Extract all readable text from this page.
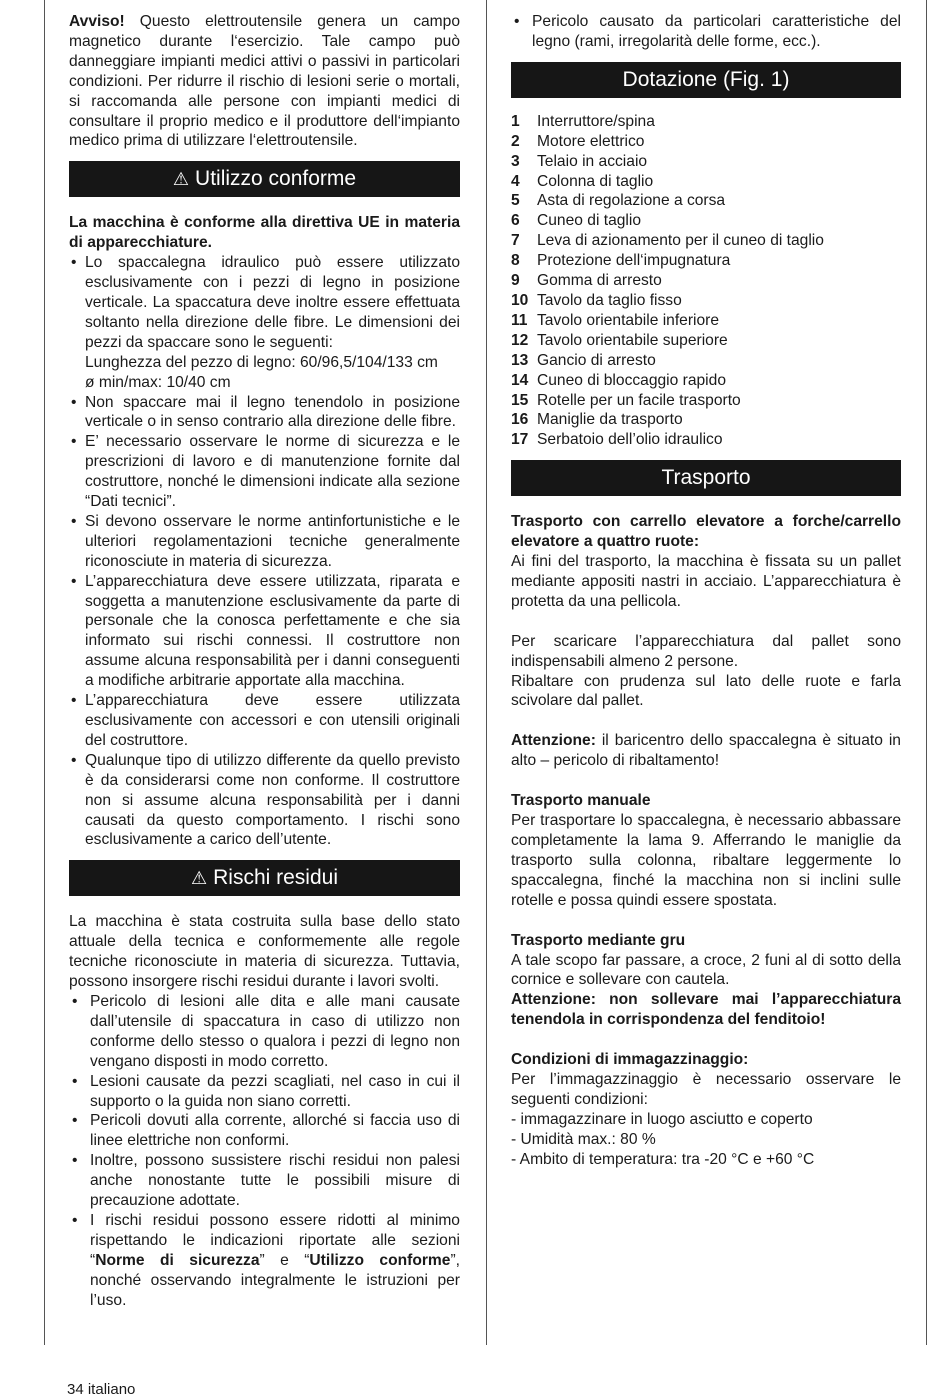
Avviso! Questo elettroutensile genera un campo magnetico durante l‘esercizio. Tale campo può danneggiare impianti medici attivi o passivi in particolari condizioni. Per ridurre il rischio di lesioni serie o mortali, si raccomanda alle persone con impianti medici di consultare il proprio medico e il produttore dell‘impianto medico prima di utilizzare l‘elettroutensile.

⚠ Utilizzo conforme

La macchina è conforme alla direttiva UE in materia di apparecchiature.

• Lo spaccalegna idraulico può essere utilizzato esclusivamente con i pezzi di legno in posizione verticale. La spaccatura deve inoltre essere effettuata soltanto nella direzione delle fibre. Le dimensioni dei pezzi da spaccare sono le seguenti:
Lunghezza del pezzo di legno: 60/96,5/104/133 cm
ø min/max: 10/40 cm
• Non spaccare mai il legno tenendolo in posizione verticale o in senso contrario alla direzione delle fibre.
• E’ necessario osservare le norme di sicurezza e le prescrizioni di lavoro e di manutenzione fornite dal costruttore, nonché le dimensioni indicate alla sezione “Dati tecnici”.
• Si devono osservare le norme antinfortunistiche e le ulteriori regolamentazioni tecniche generalmente riconosciute in materia di sicurezza.
• L’apparecchiatura deve essere utilizzata, riparata e soggetta a manutenzione esclusivamente da parte di personale che la conosca perfettamente e che sia informato sui rischi connessi. Il costruttore non assume alcuna responsabilità per i danni conseguenti a modifiche arbitrarie apportate alla macchina.
• L’apparecchiatura deve essere utilizzata esclusivamente con accessori e con utensili originali del costruttore.
• Qualunque tipo di utilizzo differente da quello previsto è da considerarsi come non conforme. Il costruttore non si assume alcuna responsabilità per i danni causati da questo comportamento. I rischi sono esclusivamente a carico dell’utente.
⚠ Rischi residui

La macchina è stata costruita sulla base dello stato attuale della tecnica e conformemente alle regole tecniche riconosciute in materia di sicurezza. Tuttavia, possono insorgere rischi residui durante i lavori svolti.

• Pericolo di lesioni alle dita e alle mani causate dall’utensile di spaccatura in caso di utilizzo non conforme dello stesso o qualora i pezzi di legno non vengano disposti in modo corretto.
• Lesioni causate da pezzi scagliati, nel caso in cui il supporto o la guida non siano corretti.
• Pericoli dovuti alla corrente, allorché si faccia uso di linee elettriche non conformi.
• Inoltre, possono sussistere rischi residui non palesi anche nonostante tutte le possibili misure di precauzione adottate.
• I rischi residui possono essere ridotti al minimo rispettando le indicazioni riportate alle sezioni “Norme di sicurezza” e “Utilizzo conforme”, nonché osservando integralmente le istruzioni per l’uso.
• Pericolo causato da particolari caratteristiche del legno (rami, irregolarità delle forme, ecc.).
Dotazione (Fig. 1)
1	Interruttore/spina
2	Motore elettrico
3	Telaio in acciaio
4	Colonna di taglio
5	Asta di regolazione a corsa
6	Cuneo di taglio
7	Leva di azionamento per il cuneo di taglio
8	Protezione dell‘impugnatura
9	Gomma di arresto
10 Tavolo da taglio fisso
11 Tavolo orientabile inferiore
12 Tavolo orientabile superiore
13 Gancio di arresto
14 Cuneo di bloccaggio rapido
15 Rotelle per un facile trasporto
16 Maniglie da trasporto
17 Serbatoio dell’olio idraulico
Trasporto

Trasporto con carrello elevatore a forche/carrello elevatore a quattro ruote:

Ai fini del trasporto, la macchina è fissata su un pallet mediante appositi nastri in acciaio. L’apparecchiatura è protetta da una pellicola.

Per scaricare l’apparecchiatura dal pallet sono indispensabili almeno 2 persone.

Ribaltare con prudenza sul lato delle ruote e farla scivolare dal pallet.

Attenzione: il baricentro dello spaccalegna è situato in alto – pericolo di ribaltamento!

Trasporto manuale

Per trasportare lo spaccalegna, è necessario abbassare completamente la lama 9. Afferrando le maniglie da trasporto sulla colonna, ribaltare leggermente lo spaccalegna, finché la macchina non si inclini sulle rotelle e possa quindi essere spostata.

Trasporto mediante gru

A tale scopo far passare, a croce, 2 funi al di sotto della cornice e sollevare con cautela.

Attenzione: non sollevare mai l’apparecchiatura tenendola in corrispondenza del fenditoio!

Condizioni di immagazzinaggio:

Per l’immagazzinaggio è necessario osservare le seguenti condizioni:

- immagazzinare in luogo asciutto e coperto
- Umidità max.: 80 %
- Ambito di temperatura: tra -20 °C e +60 °C
34 italiano
